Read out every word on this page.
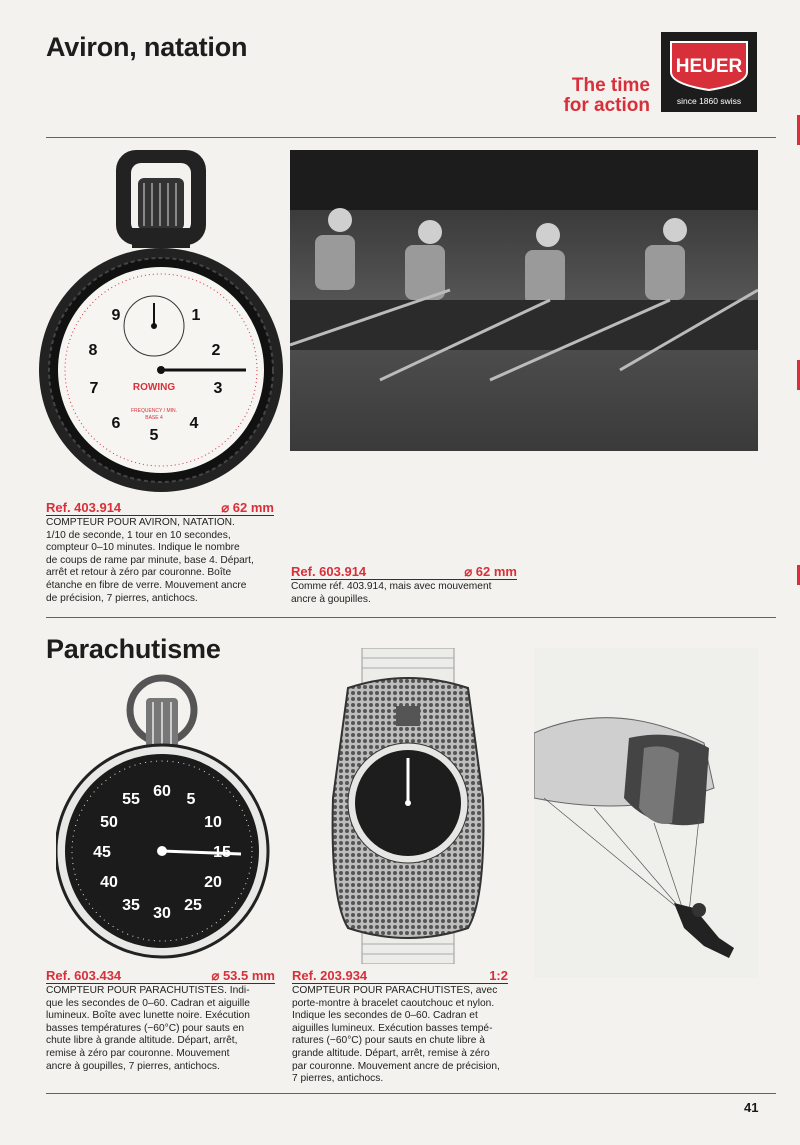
Aviron, natation
The time
for action
HEUER
since 1860 swiss
1
2
3
4
5
6
7
8
9
ROWING
FREQUENCY / MIN.
BASE 4
Ref. 403.914	⌀ 62 mm
COMPTEUR POUR AVIRON, NATATION.
1/10 de seconde, 1 tour en 10 secondes,
compteur 0–10 minutes. Indique le nombre
de coups de rame par minute, base 4. Départ,
arrêt et retour à zéro par couronne. Boîte
étanche en fibre de verre. Mouvement ancre
de précision, 7 pierres, antichocs.
Ref. 603.914	⌀ 62 mm
Comme réf. 403.914, mais avec mouvement
ancre à goupilles.
Parachutisme
60 5
10
15
20
25
30
35
40
45
50
55
Ref. 603.434	⌀ 53.5 mm
COMPTEUR POUR PARACHUTISTES. Indi-
que les secondes de 0–60. Cadran et aiguille
lumineux. Boîte avec lunette noire. Exécution
basses températures (−60°C) pour sauts en
chute libre à grande altitude. Départ, arrêt,
remise à zéro par couronne. Mouvement
ancre à goupilles, 7 pierres, antichocs.
Ref. 203.934	1:2
COMPTEUR POUR PARACHUTISTES, avec
porte-montre à bracelet caoutchouc et nylon.
Indique les secondes de 0–60. Cadran et
aiguilles lumineux. Exécution basses tempé-
ratures (−60°C) pour sauts en chute libre à
grande altitude. Départ, arrêt, remise à zéro
par couronne. Mouvement ancre de précision,
7 pierres, antichocs.
41
